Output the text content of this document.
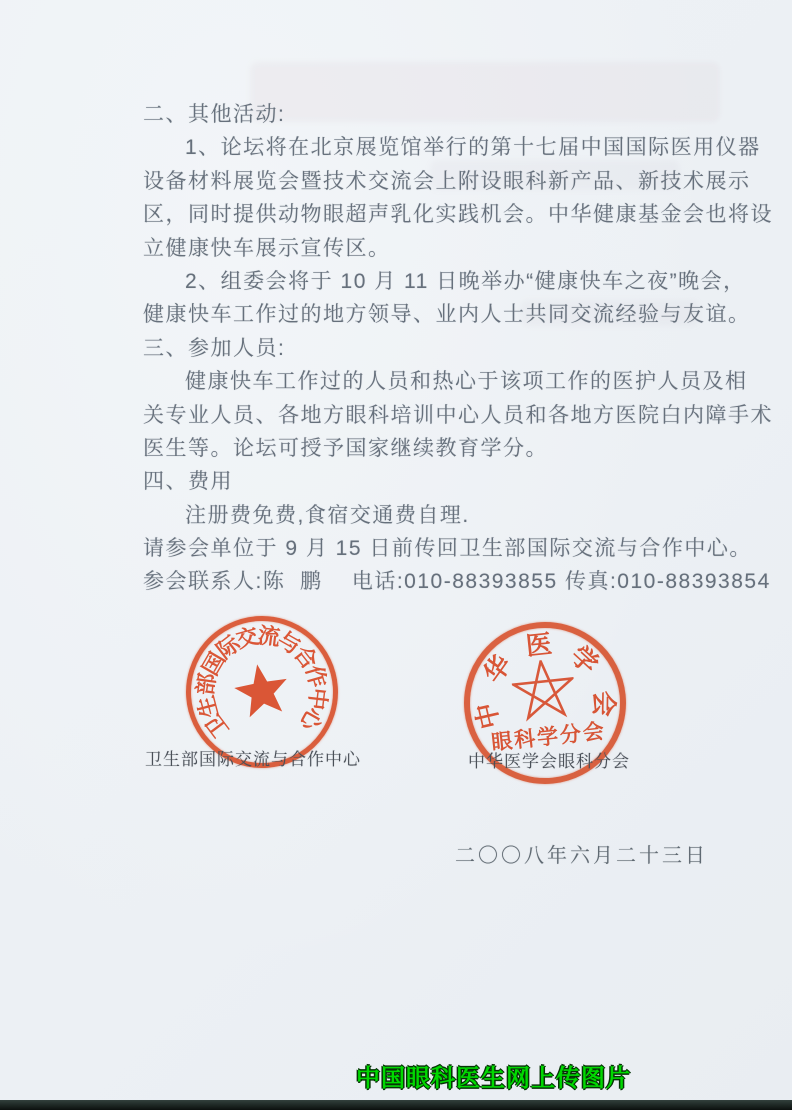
二、其他活动:
1、论坛将在北京展览馆举行的第十七届中国国际医用仪器
设备材料展览会暨技术交流会上附设眼科新产品、新技术展示
区，同时提供动物眼超声乳化实践机会。中华健康基金会也将设
立健康快车展示宣传区。
2、组委会将于 10 月 11 日晚举办“健康快车之夜”晚会，
健康快车工作过的地方领导、业内人士共同交流经验与友谊。
三、参加人员:
健康快车工作过的人员和热心于该项工作的医护人员及相
关专业人员、各地方眼科培训中心人员和各地方医院白内障手术
医生等。论坛可授予国家继续教育学分。
四、费用
注册费免费,食宿交通费自理.
请参会单位于 9 月 15 日前传回卫生部国际交流与合作中心。
参会联系人:陈  鹏    电话:010-88393855 传真:010-88393854
卫
生
部
国
际
交
流
与
合
作
中
心	中
华
医 学
会
眼科学分会
卫生部国际交流与合作中心	中华医学会眼科分会
二〇〇八年六月二十三日
中国眼科医生网上传图片
